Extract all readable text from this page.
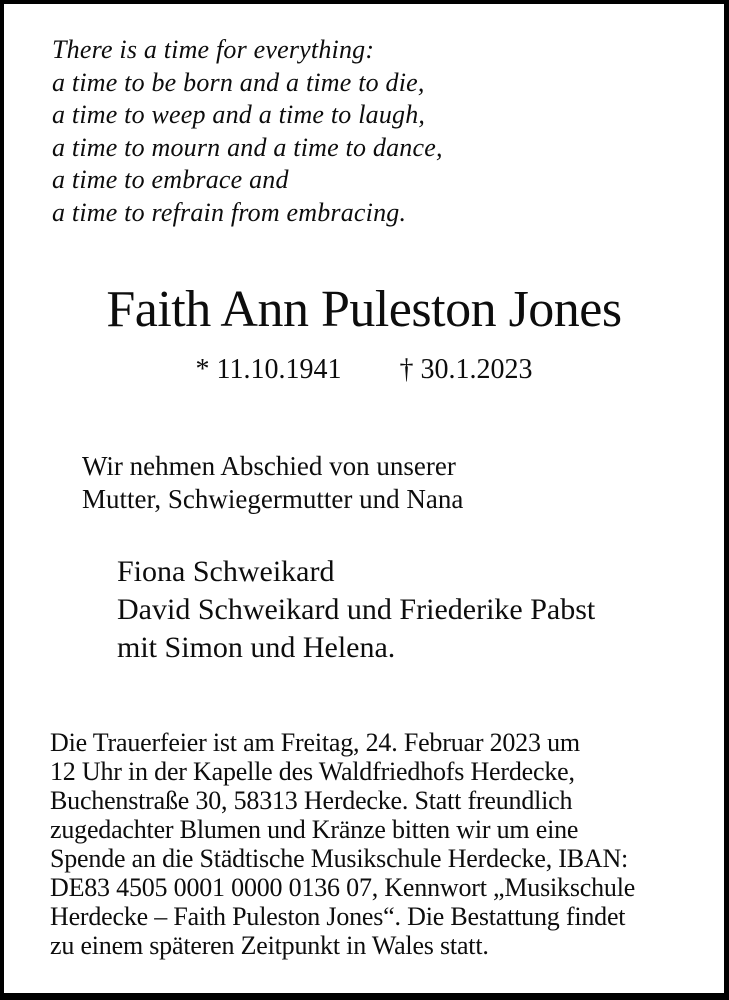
There is a time for everything:
a time to be born and a time to die,
a time to weep and a time to laugh,
a time to mourn and a time to dance,
a time to embrace and
a time to refrain from embracing.
Faith Ann Puleston Jones
* 11.10.1941 † 30.1.2023
Wir nehmen Abschied von unserer
Mutter, Schwiegermutter und Nana
Fiona Schweikard
David Schweikard und Friederike Pabst
mit Simon und Helena.
Die Trauerfeier ist am Freitag, 24. Februar 2023 um
12 Uhr in der Kapelle des Waldfriedhofs Herdecke,
Buchenstraße 30, 58313 Herdecke. Statt freundlich
zugedachter Blumen und Kränze bitten wir um eine
Spende an die Städtische Musikschule Herdecke, IBAN:
DE83 4505 0001 0000 0136 07, Kennwort „Musikschule
Herdecke – Faith Puleston Jones“. Die Bestattung findet
zu einem späteren Zeitpunkt in Wales statt.
